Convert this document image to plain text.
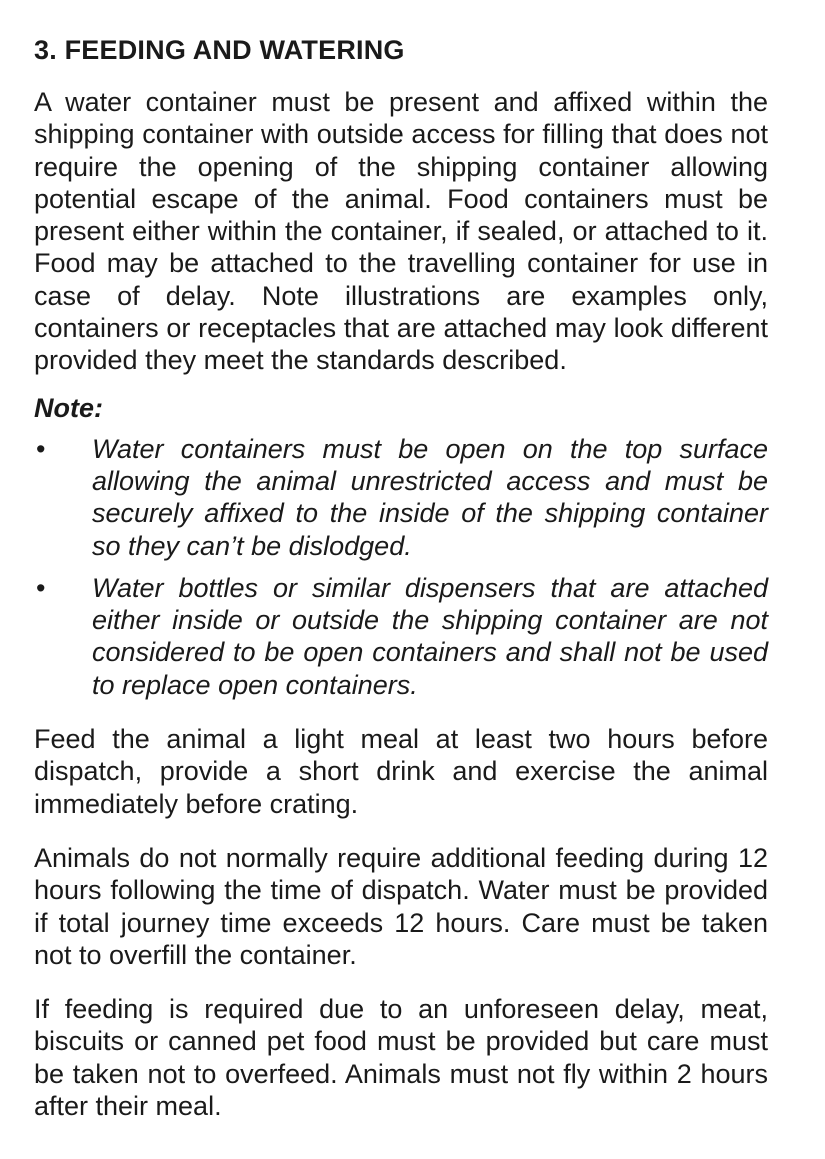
3. FEEDING AND WATERING

A water container must be present and affixed within the shipping container with outside access for filling that does not require the opening of the shipping container allowing potential escape of the animal. Food containers must be present either within the container, if sealed, or attached to it. Food may be attached to the travelling container for use in case of delay. Note illustrations are examples only, containers or receptacles that are attached may look different provided they meet the standards described.

Note:
• Water containers must be open on the top surface allowing the animal unrestricted access and must be securely affixed to the inside of the shipping container so they can’t be dislodged.
• Water bottles or similar dispensers that are attached either inside or outside the shipping container are not considered to be open containers and shall not be used to replace open containers.

Feed the animal a light meal at least two hours before dispatch, provide a short drink and exercise the animal immediately before crating.

Animals do not normally require additional feeding during 12 hours following the time of dispatch. Water must be provided if total journey time exceeds 12 hours. Care must be taken not to overfill the container.

If feeding is required due to an unforeseen delay, meat, biscuits or canned pet food must be provided but care must be taken not to overfeed. Animals must not fly within 2 hours after their meal.
